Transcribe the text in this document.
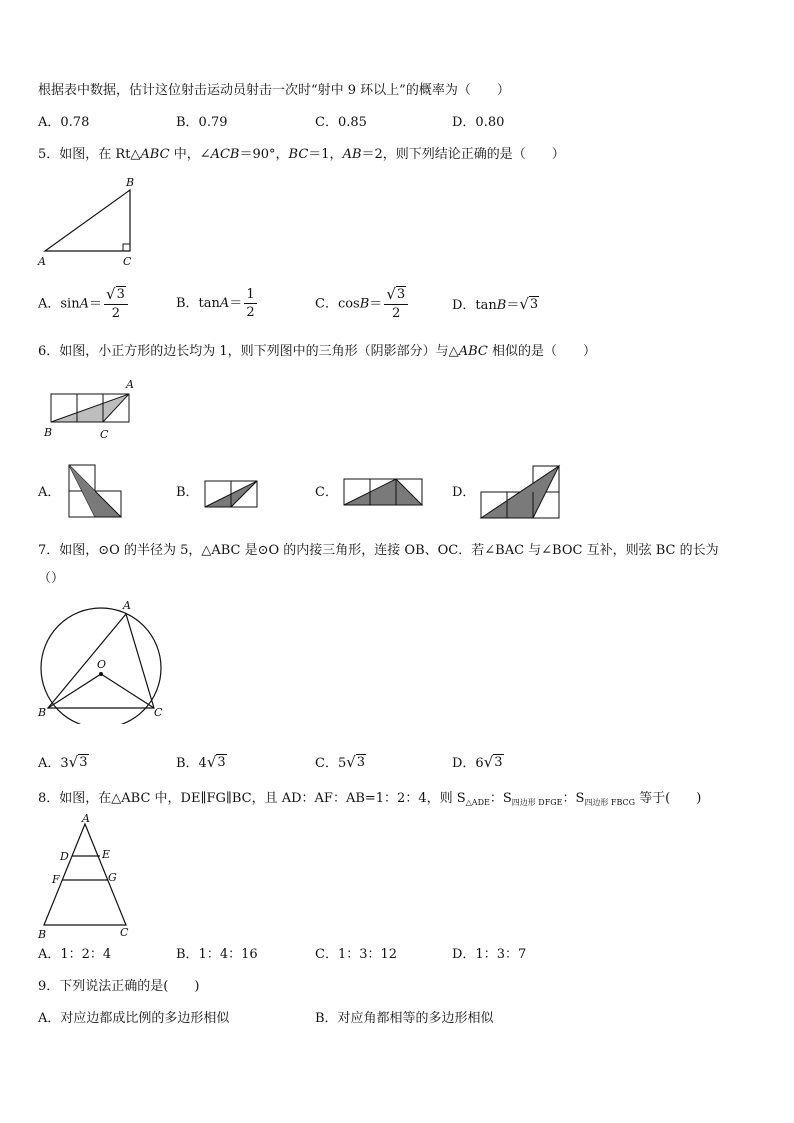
根据表中数据，估计这位射击运动员射击一次时“射中 9 环以上”的概率为（　　）
A．0.78	B．0.79	C．0.85	D．0.80
5．如图，在 Rt△ABC 中，∠ACB＝90°，BC＝1，AB＝2，则下列结论正确的是（　　）
B
A	C
A．$\sin A= \frac{√ 3}{2}$	B．$\tan A= \frac{1}{2}$	C．$\cos B= \frac{√ 3}{2}$	D．tanB＝ √ 3
6．如图，小正方形的边长均为 1，则下列图中的三角形（阴影部分）与△ABC 相似的是（　　）
A
B	C
A．	B．	C．	D．
7．如图，⊙O 的半径为 5，△ABC 是⊙O 的内接三角形，连接 OB、OC．若∠BAC 与∠BOC 互补，则弦 BC 的长为
（）
A
O
B	C
A．3 √ 3	B．4 √ 3	C．5 √ 3	D．6 √ 3
8．如图，在△ABC 中，DE∥FG∥BC，且 AD：AF：AB=1：2：4，则 $S_{\triangle ADE}$：$S_{四边形 DFGE}$：$S_{四边形 FBCG}$ 等于(　　)
A
D	E
F	G
B	C
A．1：2：4	B．1：4：16	C．1：3：12	D．1：3：7
9．下列说法正确的是(　　)
A．对应边都成比例的多边形相似	B．对应角都相等的多边形相似
